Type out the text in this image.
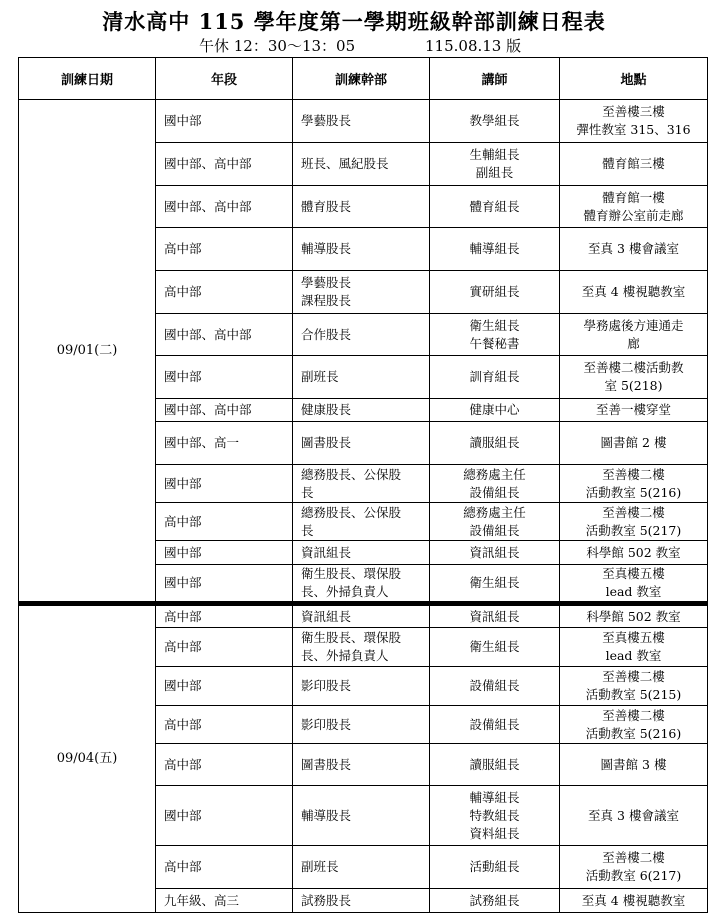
清水高中 115 學年度第一學期班級幹部訓練日程表
午休 12：30～13：05	115.08.13 版
訓練日期	年段	訓練幹部	講師	地點
09/01(二)	國中部	學藝股長	教學組長	至善樓三樓
彈性教室 315、316

	國中部、高中部	班長、風紀股長	生輔組長
副組長	體育館三樓

	國中部、高中部	體育股長	體育組長	體育館一樓
體育辦公室前走廊

	高中部	輔導股長	輔導組長	至真 3 樓會議室

	高中部	學藝股長
課程股長	實研組長	至真 4 樓視聽教室

	國中部、高中部	合作股長	衛生組長
午餐秘書	學務處後方連通走
廊

	國中部	副班長	訓育組長	至善樓二樓活動教
室 5(218)

	國中部、高中部	健康股長	健康中心	至善一樓穿堂

	國中部、高一	圖書股長	讀服組長	圖書館 2 樓

	國中部	總務股長、公保股
長	總務處主任
設備組長	至善樓二樓
活動教室 5(216)

	高中部	總務股長、公保股
長	總務處主任
設備組長	至善樓二樓
活動教室 5(217)

	國中部	資訊組長	資訊組長	科學館 502 教室

	國中部	衛生股長、環保股
長、外掃負責人	衛生組長	至真樓五樓
lead 教室

09/04(五)	高中部	資訊組長	資訊組長	科學館 502 教室

	高中部	衛生股長、環保股
長、外掃負責人	衛生組長	至真樓五樓
lead 教室

	國中部	影印股長	設備組長	至善樓二樓
活動教室 5(215)

	高中部	影印股長	設備組長	至善樓二樓
活動教室 5(216)

	高中部	圖書股長	讀服組長	圖書館 3 樓

	國中部	輔導股長	輔導組長
特教組長
資料組長	至真 3 樓會議室

	高中部	副班長	活動組長	至善樓二樓
活動教室 6(217)

	九年級、高三	試務股長	試務組長	至真 4 樓視聽教室
